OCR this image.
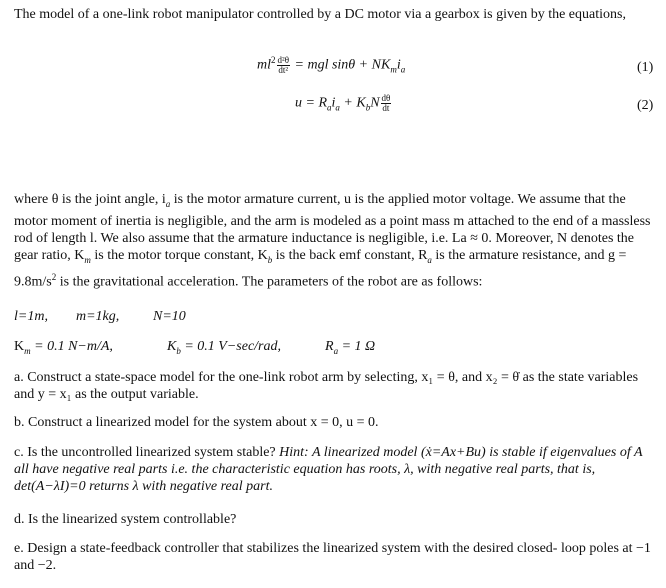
The model of a one-link robot manipulator controlled by a DC motor via a gearbox is given by the equations,
$ml^2 \frac{\text{d²θ}}{\text{dt²}}$ = mgl $\sin\theta + NK_mi_a$	(1)
$u = R_ai_a + K_bN \frac{d\theta}{dt}$	(2)
where θ is the joint angle, $i_a$ is the motor armature current, u is the applied motor voltage. We assume that the motor moment of inertia is negligible, and the arm is modeled as a point mass m attached to the end of a massless rod of length l. We also assume that the armature inductance is negligible, i.e. La ≈ 0. Moreover, N denotes the gear ratio, $K_m$ is the motor torque constant, $K_b$ is the back emf constant, $R_a$ is the armature resistance, and $g = 9.8m/s^2$ is the gravitational acceleration. The parameters of the robot are as follows:
l=1m, m=1kg, N=10
$K_m = 0.1$ N−m/A,	$K_b = 0.1$ V−sec/rad,	$R_a = 1$ Ω
a. Construct a state-space model for the one-link robot arm by selecting, x₁ = θ, and x₂ = θ̇ as the state variables and y = x₁ as the output variable.
b. Construct a linearized model for the system about x = 0, u = 0.
c. Is the uncontrolled linearized system stable? Hint: A linearized model (ẋ=Ax+Bu) is stable if eigenvalues of A all have negative real parts i.e. the characteristic equation has roots, λ, with negative real parts, that is, det(A−λI)=0 returns λ with negative real part.
d. Is the linearized system controllable?
e. Design a state-feedback controller that stabilizes the linearized system with the desired closed- loop poles at −1 and −2.
